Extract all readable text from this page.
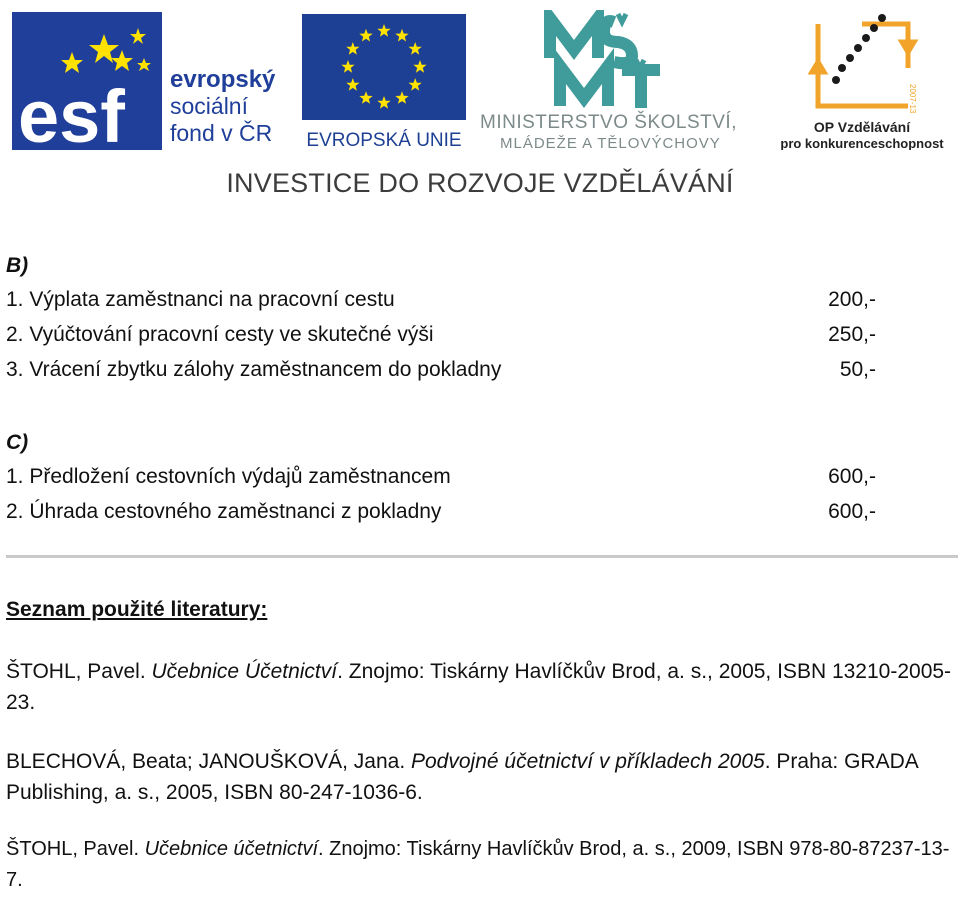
esf evropský
sociální
fond v ČR EVROPSKÁ UNIE
MINISTERSTVO ŠKOLSTVÍ,
MLÁDEŽE A TĚLOVÝCHOVY
2007-13
OP Vzdělávání
pro konkurenceschopnost
INVESTICE DO ROZVOJE VZDĚLÁVÁNÍ
B)
1. Výplata zaměstnanci na pracovní cestu	200,-
2. Vyúčtování pracovní cesty ve skutečné výši	250,-
3. Vrácení zbytku zálohy zaměstnancem do pokladny	50,-
C)
1. Předložení cestovních výdajů zaměstnancem	600,-
2. Úhrada cestovného zaměstnanci z pokladny	600,-
Seznam použité literatury:
ŠTOHL, Pavel. Učebnice Účetnictví. Znojmo: Tiskárny Havlíčkův Brod, a. s., 2005, ISBN 13210-2005-23.
BLECHOVÁ, Beata; JANOUŠKOVÁ, Jana. Podvojné účetnictví v příkladech 2005. Praha: GRADA Publishing, a. s., 2005, ISBN 80-247-1036-6.
ŠTOHL, Pavel. Učebnice účetnictví. Znojmo: Tiskárny Havlíčkův Brod, a. s., 2009, ISBN 978-80-87237-13-7.
